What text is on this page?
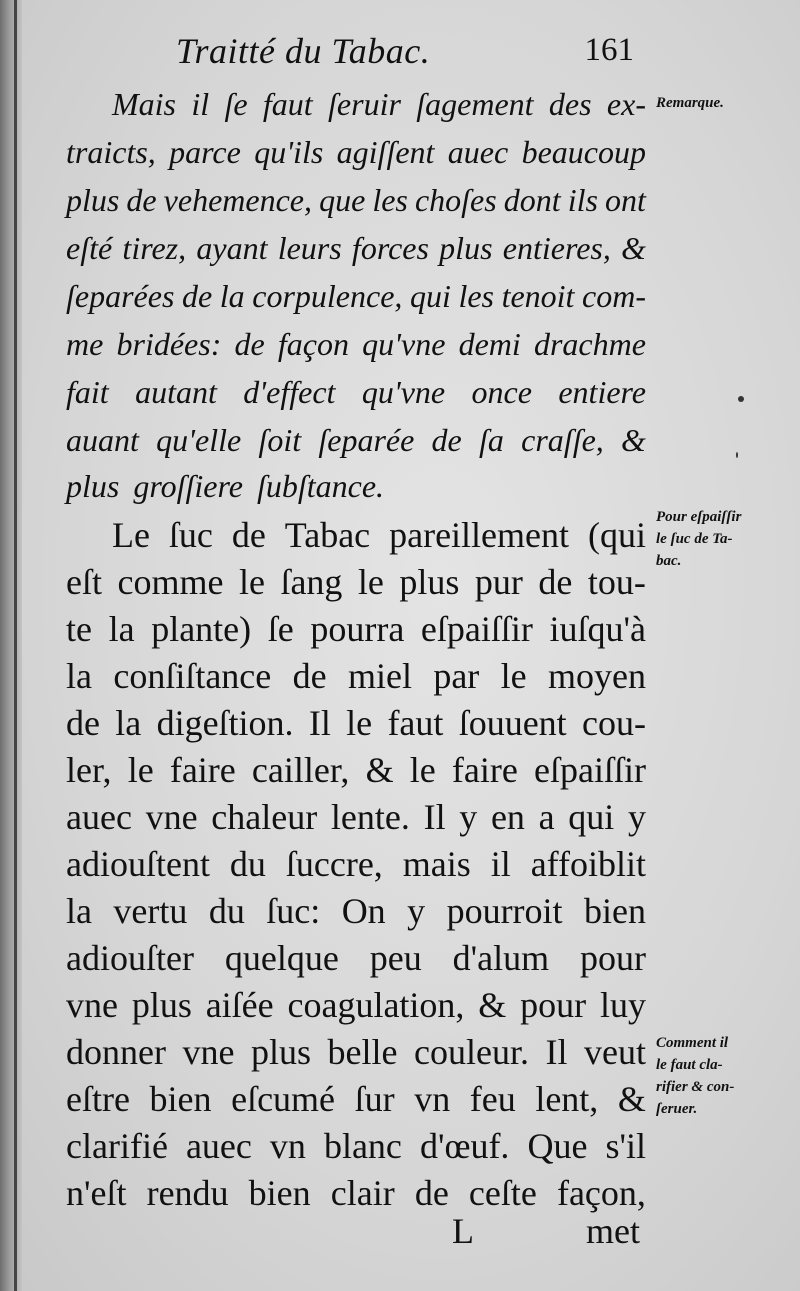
Traitté du Tabac.	161
Mais il ſe faut ſeruir ſagement des ex-
traicts, parce qu'ils agiſſent auec beaucoup
plus de vehemence, que les choſes dont ils ont
eſté tirez, ayant leurs forces plus entieres, &
ſeparées de la corpulence, qui les tenoit com-
me bridées: de façon qu'vne demi drachme
fait autant d'effect qu'vne once entiere
auant qu'elle ſoit ſeparée de ſa craſſe, &
plus groſſiere ſubſtance.
Le ſuc de Tabac pareillement (qui
eſt comme le ſang le plus pur de tou-
te la plante) ſe pourra eſpaiſſir iuſqu'à
la conſiſtance de miel par le moyen
de la digeſtion. Il le faut ſouuent cou-
ler, le faire cailler, & le faire eſpaiſſir
auec vne chaleur lente. Il y en a qui y
adiouſtent du ſuccre, mais il affoiblit
la vertu du ſuc: On y pourroit bien
adiouſter quelque peu d'alum pour
vne plus aiſée coagulation, & pour luy
donner vne plus belle couleur. Il veut
eſtre bien eſcumé ſur vn feu lent, &
clarifié auec vn blanc d'œuf. Que s'il
n'eſt rendu bien clair de ceſte façon,
L	met
Remarque.
Pour eſpaiſſir
le ſuc de Ta-
bac.
Comment il
le faut cla-
rifier & con-
ſeruer.
